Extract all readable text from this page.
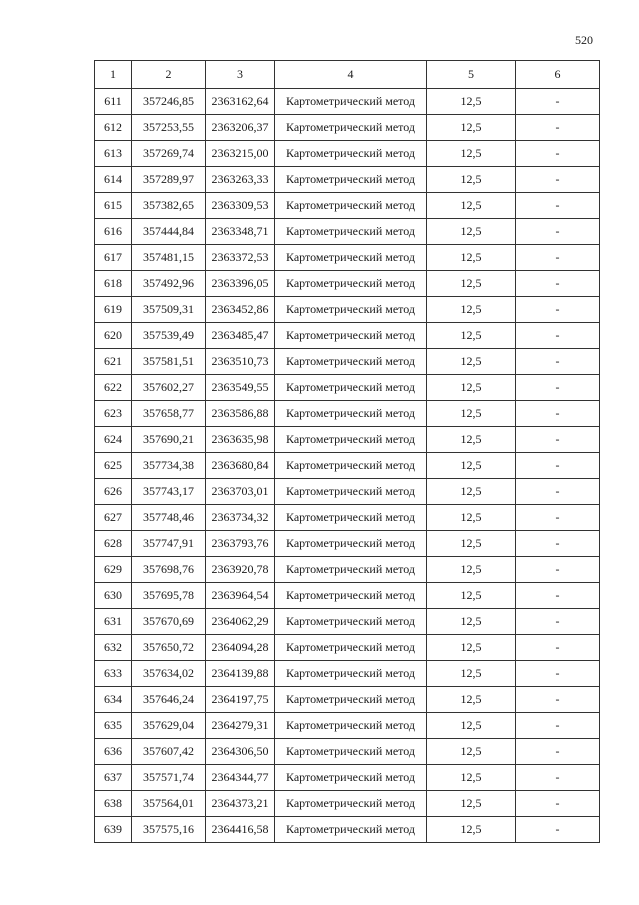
520
1	2	3	4	5	6
611	357246,85	2363162,64	Картометрический метод	12,5	-
612	357253,55	2363206,37	Картометрический метод	12,5	-
613	357269,74	2363215,00	Картометрический метод	12,5	-
614	357289,97	2363263,33	Картометрический метод	12,5	-
615	357382,65	2363309,53	Картометрический метод	12,5	-
616	357444,84	2363348,71	Картометрический метод	12,5	-
617	357481,15	2363372,53	Картометрический метод	12,5	-
618	357492,96	2363396,05	Картометрический метод	12,5	-
619	357509,31	2363452,86	Картометрический метод	12,5	-
620	357539,49	2363485,47	Картометрический метод	12,5	-
621	357581,51	2363510,73	Картометрический метод	12,5	-
622	357602,27	2363549,55	Картометрический метод	12,5	-
623	357658,77	2363586,88	Картометрический метод	12,5	-
624	357690,21	2363635,98	Картометрический метод	12,5	-
625	357734,38	2363680,84	Картометрический метод	12,5	-
626	357743,17	2363703,01	Картометрический метод	12,5	-
627	357748,46	2363734,32	Картометрический метод	12,5	-
628	357747,91	2363793,76	Картометрический метод	12,5	-
629	357698,76	2363920,78	Картометрический метод	12,5	-
630	357695,78	2363964,54	Картометрический метод	12,5	-
631	357670,69	2364062,29	Картометрический метод	12,5	-
632	357650,72	2364094,28	Картометрический метод	12,5	-
633	357634,02	2364139,88	Картометрический метод	12,5	-
634	357646,24	2364197,75	Картометрический метод	12,5	-
635	357629,04	2364279,31	Картометрический метод	12,5	-
636	357607,42	2364306,50	Картометрический метод	12,5	-
637	357571,74	2364344,77	Картометрический метод	12,5	-
638	357564,01	2364373,21	Картометрический метод	12,5	-
639	357575,16	2364416,58	Картометрический метод	12,5	-
